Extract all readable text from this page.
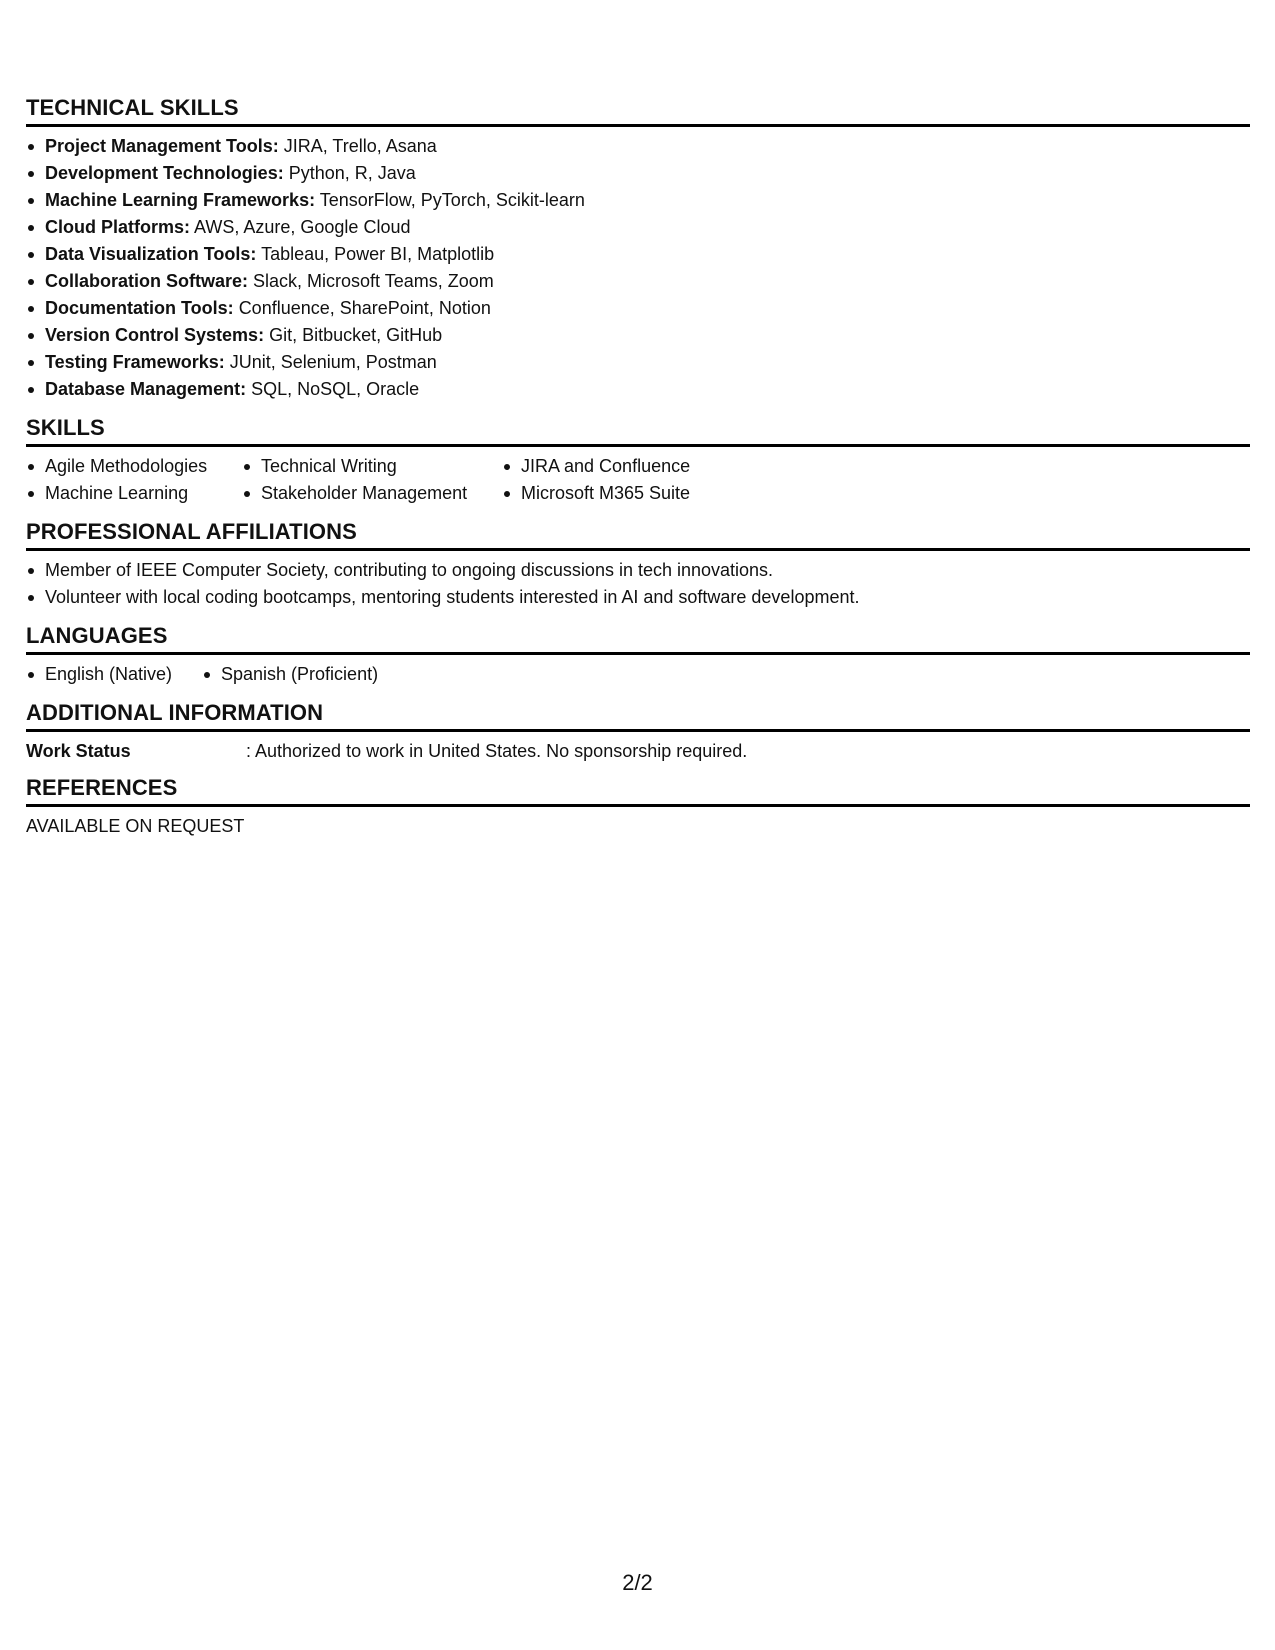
TECHNICAL SKILLS
Project Management Tools: JIRA, Trello, Asana
Development Technologies: Python, R, Java
Machine Learning Frameworks: TensorFlow, PyTorch, Scikit-learn
Cloud Platforms: AWS, Azure, Google Cloud
Data Visualization Tools: Tableau, Power BI, Matplotlib
Collaboration Software: Slack, Microsoft Teams, Zoom
Documentation Tools: Confluence, SharePoint, Notion
Version Control Systems: Git, Bitbucket, GitHub
Testing Frameworks: JUnit, Selenium, Postman
Database Management: SQL, NoSQL, Oracle
SKILLS
Agile Methodologies
Machine Learning
Technical Writing
Stakeholder Management
JIRA and Confluence
Microsoft M365 Suite
PROFESSIONAL AFFILIATIONS
Member of IEEE Computer Society, contributing to ongoing discussions in tech innovations.
Volunteer with local coding bootcamps, mentoring students interested in AI and software development.
LANGUAGES
English (Native)	Spanish (Proficient)
ADDITIONAL INFORMATION
Work Status	: Authorized to work in United States. No sponsorship required.
REFERENCES
AVAILABLE ON REQUEST
2/2
